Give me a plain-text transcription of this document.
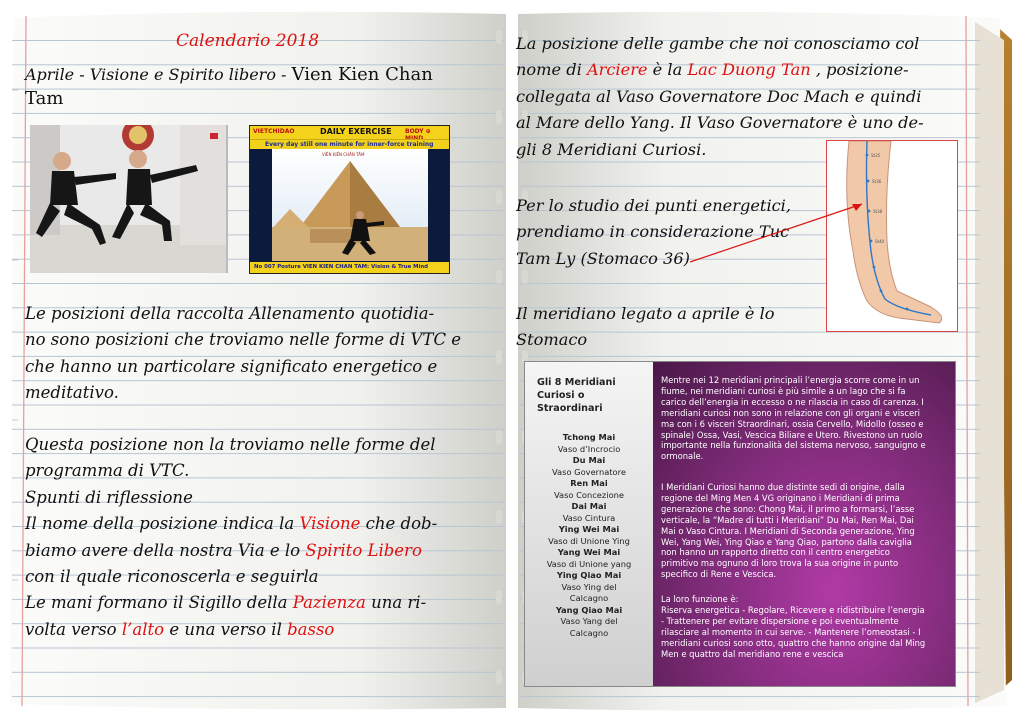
Calendario 2018
Aprile - Visione e Spirito libero - Vien Kien Chan
Tam
VIETCHIDAO	DAILY EXERCISE BODY ⊕
Every day still one minute for inner-force training
VIÊN KIẾN CHÂN TÂM
No 007 Posture VIEN KIEN CHAN TAM: Vision & True Mind
Le posizioni della raccolta Allenamento quotidia-
no sono posizioni che troviamo nelle forme di VTC e
che hanno un particolare significato energetico e
meditativo.
Questa posizione non la troviamo nelle forme del
programma di VTC.
Spunti di riflessione
Il nome della posizione indica la Visione che dob-
biamo avere della nostra Via e lo Spirito Libero
con il quale riconoscerla e seguirla
Le mani formano il Sigillo della Pazienza una ri-
volta verso l’alto e una verso il basso
La posizione delle gambe che noi conosciamo col
nome di Arciere è la Lac Duong Tan , posizione-
collegata al Vaso Governatore Doc Mach e quindi
al Mare dello Yang. Il Vaso Governatore è uno de-
gli 8 Meridiani Curiosi.
Per lo studio dei punti energetici,
prendiamo in considerazione Tuc
Tam Ly (Stomaco 36)
Il meridiano legato a aprile è lo
Stomaco
St35
St36
St38
St40
Gli 8 Meridiani
Curiosi o
Straordinari
Tchong Mai
Vaso d’Incrocio
Du Mai
Vaso Governatore
Ren Mai
Vaso Concezione
Dai Mai
Vaso Cintura
Ying Wei Mai
Vaso di Unione Ying
Yang Wei Mai
Vaso di Unione yang
Ying Qiao Mai
Vaso Ying del
Calcagno
Yang Qiao Mai
Vaso Yang del
Calcagno
Mentre nei 12 meridiani principali l’energia scorre come in un
fiume, nei meridiani curiosi è più simile a un lago che si fa
carico dell’energia in eccesso o ne rilascia in caso di carenza. I
meridiani curiosi non sono in relazione con gli organi e visceri
ma con i 6 visceri Straordinari, ossia Cervello, Midollo (osseo e
spinale) Ossa, Vasi, Vescica Biliare e Utero. Rivestono un ruolo
importante nella funzionalità del sistema nervoso, sanguigno e
ormonale.
I Meridiani Curiosi hanno due distinte sedi di origine, dalla
regione del Ming Men 4 VG originano i Meridiani di prima
generazione che sono: Chong Mai, il primo a formarsi, l’asse
verticale, la “Madre di tutti i Meridiani” Du Mai, Ren Mai, Dai
Mai o Vaso Cintura. I Meridiani di Seconda generazione, Ying
Wei, Yang Wei, Ying Qiao e Yang Qiao, partono dalla caviglia
non hanno un rapporto diretto con il centro energetico
primitivo ma ognuno di loro trova la sua origine in punto
specifico di Rene e Vescica.
La loro funzione è:
Riserva energetica - Regolare, Ricevere e ridistribuire l’energia
- Trattenere per evitare dispersione e poi eventualmente
rilasciare al momento in cui serve. - Mantenere l’omeostasi - I
meridiani curiosi sono otto, quattro che hanno origine dal Ming
Men e quattro dal meridiano rene e vescica
